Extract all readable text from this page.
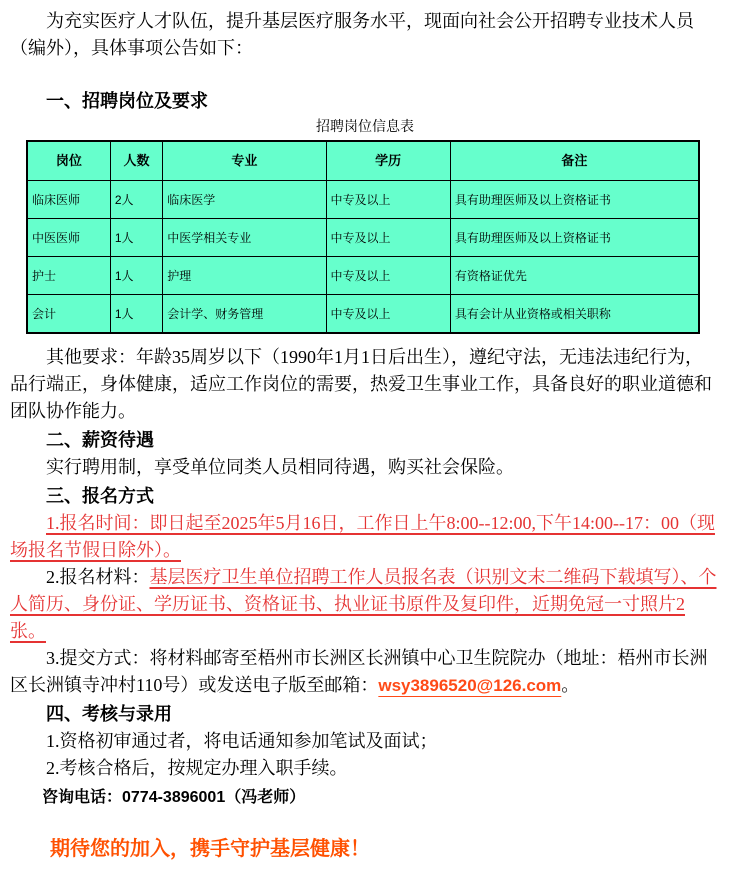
为充实医疗人才队伍，提升基层医疗服务水平，现面向社会公开招聘专业技术人员（编外），具体事项公告如下：

一、招聘岗位及要求

招聘岗位信息表

岗位	人数	专业	学历	备注
临床医师	2人	临床医学	中专及以上	具有助理医师及以上资格证书
中医医师	1人	中医学相关专业	中专及以上	具有助理医师及以上资格证书
护士	1人	护理	中专及以上	有资格证优先
会计	1人	会计学、财务管理	中专及以上	具有会计从业资格或相关职称

其他要求：年龄35周岁以下（1990年1月1日后出生），遵纪守法，无违法违纪行为，品行端正，身体健康，适应工作岗位的需要，热爱卫生事业工作，具备良好的职业道德和团队协作能力。

二、薪资待遇

实行聘用制，享受单位同类人员相同待遇，购买社会保险。

三、报名方式

1.报名时间：即日起至2025年5月16日，工作日上午8:00--12:00,下午14:00--17：00（现场报名节假日除外）。

2.报名材料：基层医疗卫生单位招聘工作人员报名表（识别文末二维码下载填写）、个人简历、身份证、学历证书、资格证书、执业证书原件及复印件，近期免冠一寸照片2张。

3.提交方式：将材料邮寄至梧州市长洲区长洲镇中心卫生院院办（地址：梧州市长洲区长洲镇寺冲村110号）或发送电子版至邮箱：wsy3896520@126.com。

四、考核与录用

1.资格初审通过者，将电话通知参加笔试及面试；

2.考核合格后，按规定办理入职手续。

咨询电话：0774-3896001（冯老师）

期待您的加入，携手守护基层健康！
